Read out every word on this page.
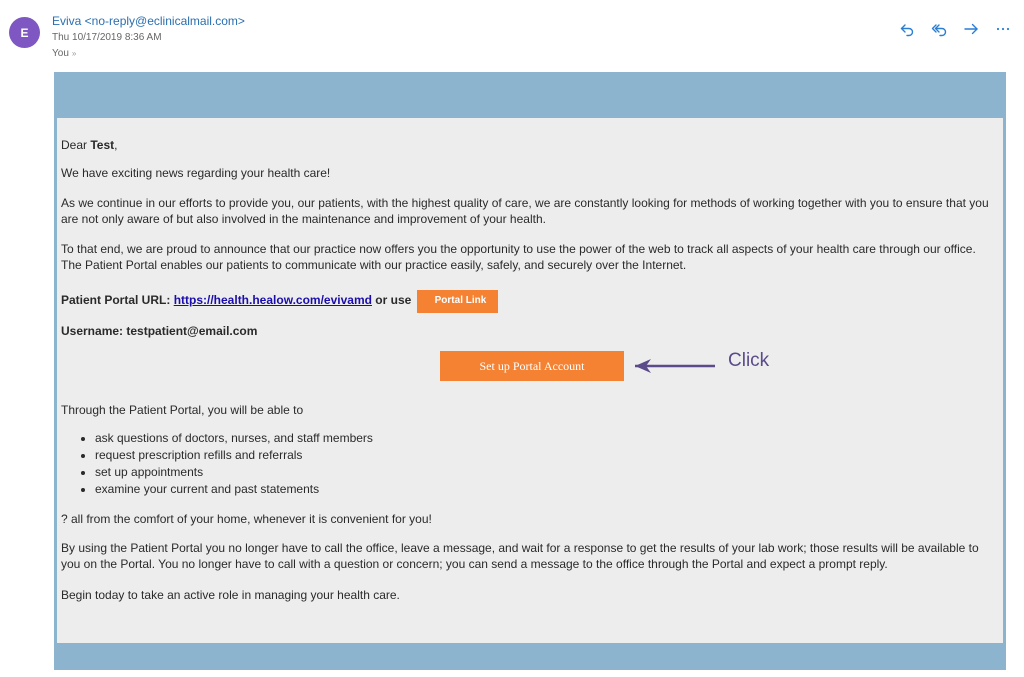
E
Eviva <no-reply@eclinicalmail.com>
Thu 10/17/2019 8:36 AM
You »

Dear Test,

We have exciting news regarding your health care!

As we continue in our efforts to provide you, our patients, with the highest quality of care, we are constantly looking for methods of working together with you to ensure that you are not only aware of but also involved in the maintenance and improvement of your health.

To that end, we are proud to announce that our practice now offers you the opportunity to use the power of the web to track all aspects of your health care through our office. The Patient Portal enables our patients to communicate with our practice easily, safely, and securely over the Internet.

Patient Portal URL: https://health.healow.com/evivamd or use Portal Link

Username: testpatient@email.com

Set up Portal Account	Click

Through the Patient Portal, you will be able to

• ask questions of doctors, nurses, and staff members
• request prescription refills and referrals
• set up appointments
• examine your current and past statements

? all from the comfort of your home, whenever it is convenient for you!

By using the Patient Portal you no longer have to call the office, leave a message, and wait for a response to get the results of your lab work; those results will be available to you on the Portal. You no longer have to call with a question or concern; you can send a message to the office through the Portal and expect a prompt reply.

Begin today to take an active role in managing your health care.
